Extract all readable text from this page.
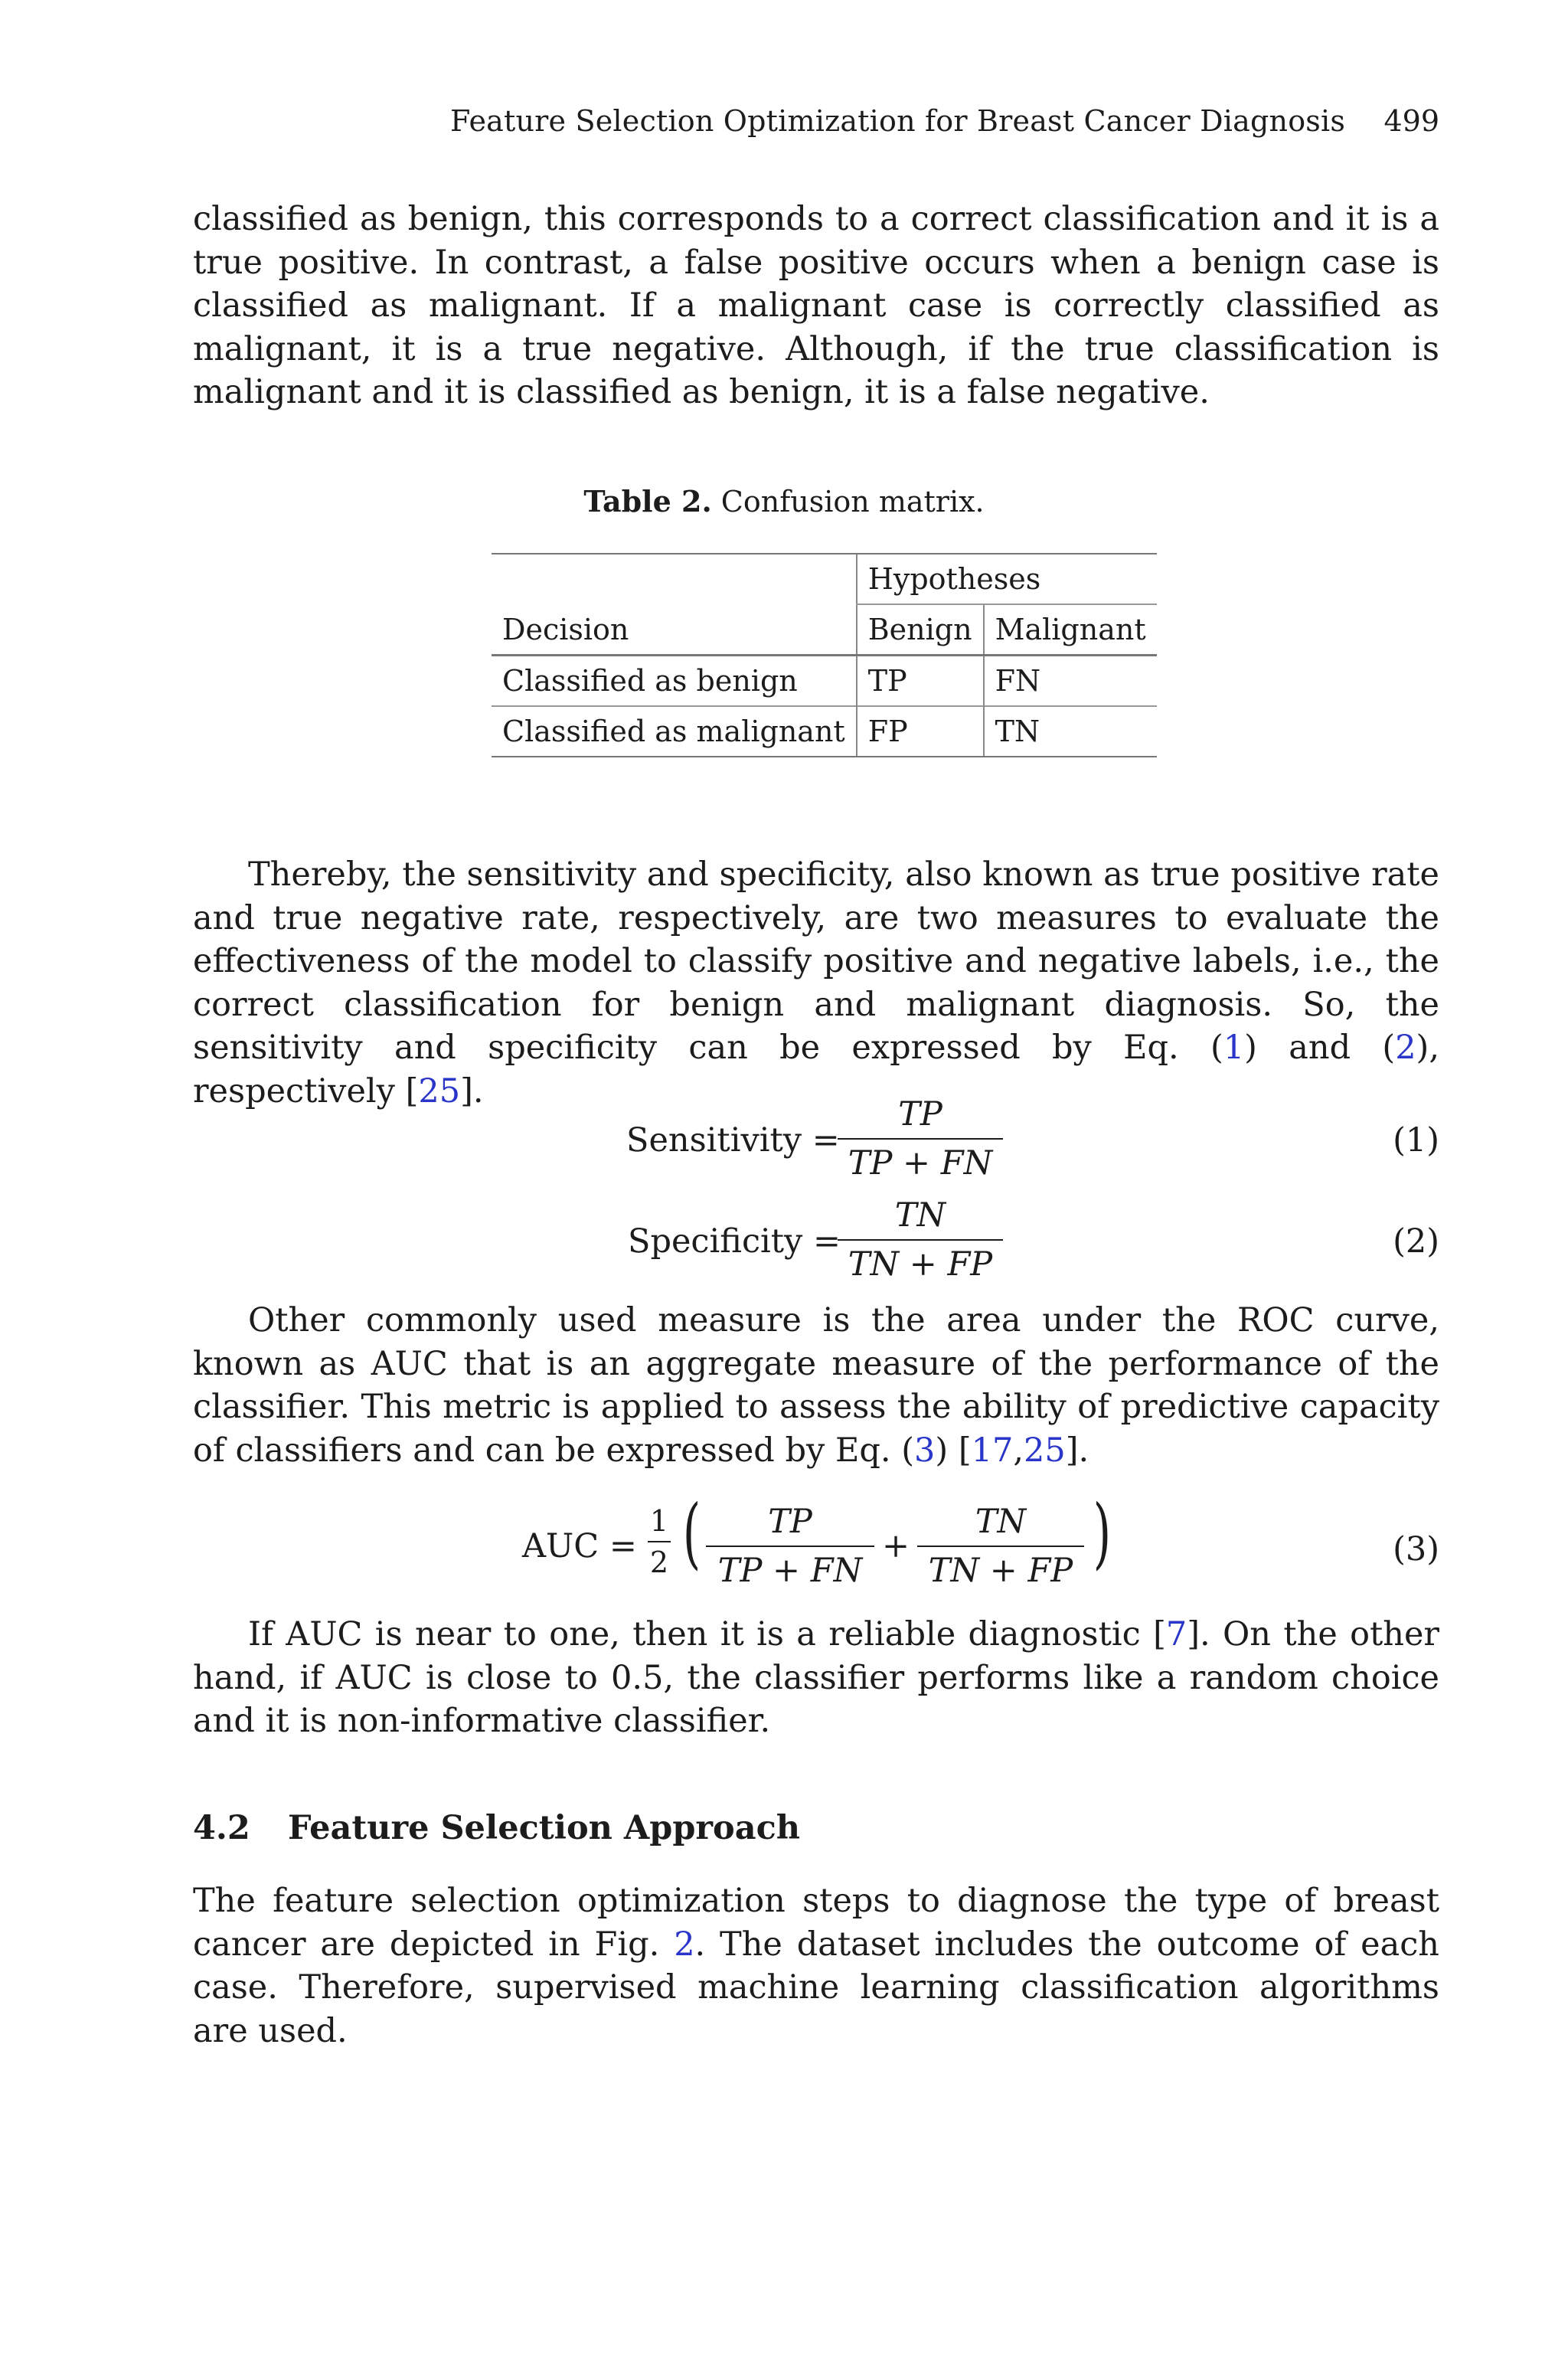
Feature Selection Optimization for Breast Cancer Diagnosis 499

classified as benign, this corresponds to a correct classification and it is a true positive. In contrast, a false positive occurs when a benign case is classified as malignant. If a malignant case is correctly classified as malignant, it is a true negative. Although, if the true classification is malignant and it is classified as benign, it is a false negative.

Table 2. Confusion matrix.
	Hypotheses	
Decision	Benign	Malignant
Classified as benign	TP	FN
Classified as malignant	FP	TN

Thereby, the sensitivity and specificity, also known as true positive rate and true negative rate, respectively, are two measures to evaluate the effectiveness of the model to classify positive and negative labels, i.e., the correct classification for benign and malignant diagnosis. So, the sensitivity and specificity can be expressed by Eq. (1) and (2), respectively [25].

Sensitivity =
TP
TP + FN
(1)
Specificity =
TN
TN + FP
(2)

Other commonly used measure is the area under the ROC curve, known as AUC that is an aggregate measure of the performance of the classifier. This metric is applied to assess the ability of predictive capacity of classifiers and can be expressed by Eq. (3) [17,25].

AUC =
1
2 (	TP
TP + FN
+
TN
TN + FP )	(3)

If AUC is near to one, then it is a reliable diagnostic [7]. On the other hand, if AUC is close to 0.5, the classifier performs like a random choice and it is non-informative classifier.

4.2 Feature Selection Approach

The feature selection optimization steps to diagnose the type of breast cancer are depicted in Fig. 2. The dataset includes the outcome of each case. Therefore, supervised machine learning classification algorithms are used.
